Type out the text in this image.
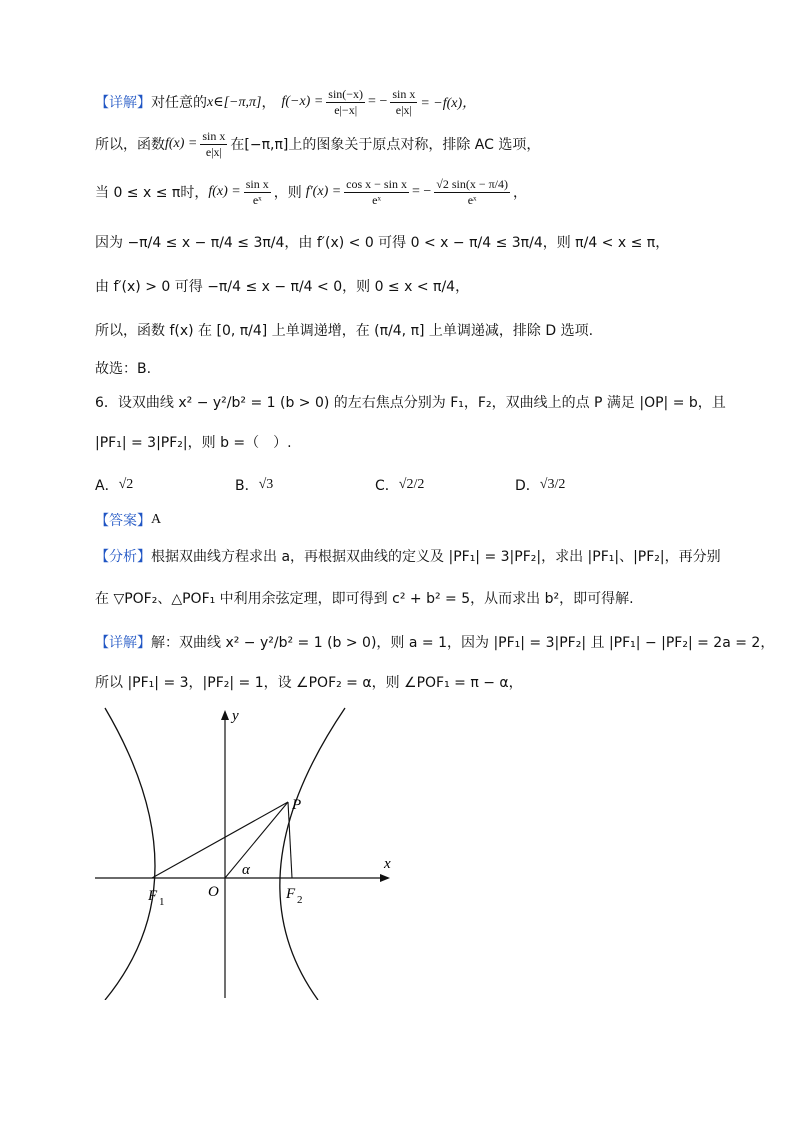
【详解】 对任意的 x∈[−π,π] ， $f(-x) = \frac{\sin(-x)}{e|-x|}$ = − $\frac{\text{sin x}}{e|x|} = -f(x)$，
所以，函数 $f(x) = \frac{\text{sin x}}{e|x|}$ 在[−π,π]上的图象关于原点对称，排除 AC 选项，
当 0 ≤ x ≤ π时， $f(x) = \frac{\text{sin x}}{\text{eˣ}}$ ，则 $f'(x) = \frac{\text{cos x − sin x}}{\text{eˣ}}$ = − $\frac{√2 \sin(x - \pi/4)}{\text{eˣ}}$ ，
因为 −π/4 ≤ x − π/4 ≤ 3π/4，由 f′(x) < 0 可得 0 < x − π/4 ≤ 3π/4，则 π/4 < x ≤ π，
由 f′(x) > 0 可得 −π/4 ≤ x − π/4 < 0，则 0 ≤ x < π/4，
所以，函数 f(x) 在 [0, π/4] 上单调递增，在 (π/4, π] 上单调递减，排除 D 选项.
故选：B.
6．设双曲线 x² − y²/b² = 1 (b > 0) 的左右焦点分别为 F₁，F₂，双曲线上的点 P 满足 |OP| = b，且
|PF₁| = 3|PF₂|，则 b =（　）.
A． √2	B． √3	C． √2/2	D． √3/2
【答案】 A
【分析】 根据双曲线方程求出 a，再根据双曲线的定义及 |PF₁| = 3|PF₂|，求出 |PF₁|、|PF₂|，再分别
在 ▽POF₂、△POF₁ 中利用余弦定理，即可得到 c² + b² = 5，从而求出 b²，即可得解.
【详解】 解：双曲线 x² − y²/b² = 1 (b > 0)，则 a = 1，因为 |PF₁| = 3|PF₂| 且 |PF₁| − |PF₂| = 2a = 2，
所以 |PF₁| = 3，|PF₂| = 1，设 ∠POF₂ = α，则 ∠POF₁ = π − α，
x
y
O
P
α
F 1	F 2
